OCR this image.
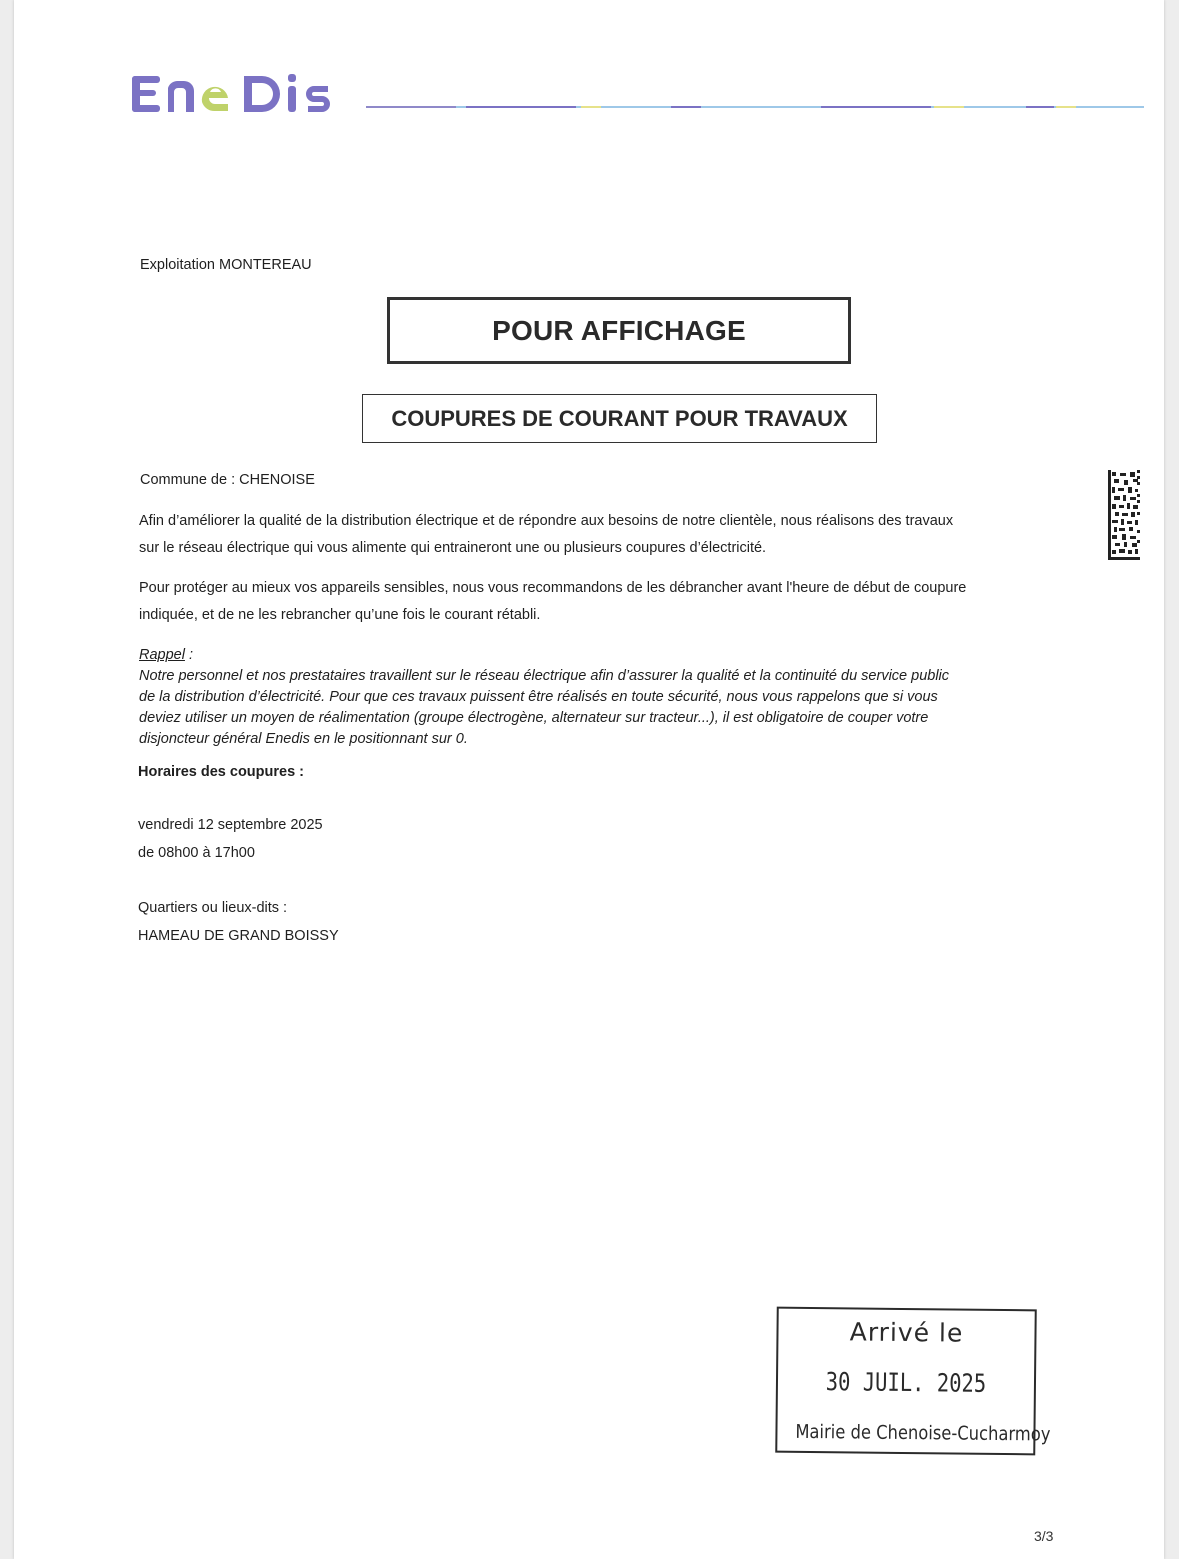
Exploitation MONTEREAU
POUR AFFICHAGE
COUPURES DE COURANT POUR TRAVAUX
Commune de : CHENOISE
Afin d’améliorer la qualité de la distribution électrique et de répondre aux besoins de notre clientèle, nous réalisons des travaux
sur le réseau électrique qui vous alimente qui entraineront une ou plusieurs coupures d’électricité.
Pour protéger au mieux vos appareils sensibles, nous vous recommandons de les débrancher avant l'heure de début de coupure
indiquée, et de ne les rebrancher qu’une fois le courant rétabli.
Rappel :
Notre personnel et nos prestataires travaillent sur le réseau électrique afin d’assurer la qualité et la continuité du service public
de la distribution d’électricité. Pour que ces travaux puissent être réalisés en toute sécurité, nous vous rappelons que si vous
deviez utiliser un moyen de réalimentation (groupe électrogène, alternateur sur tracteur...), il est obligatoire de couper votre
disjoncteur général Enedis en le positionnant sur 0.
Horaires des coupures :
vendredi 12 septembre 2025
de 08h00 à 17h00
Quartiers ou lieux-dits :
HAMEAU DE GRAND BOISSY
Arrivé le
30 JUIL. 2025
Mairie de Chenoise-Cucharmoy
3/3
